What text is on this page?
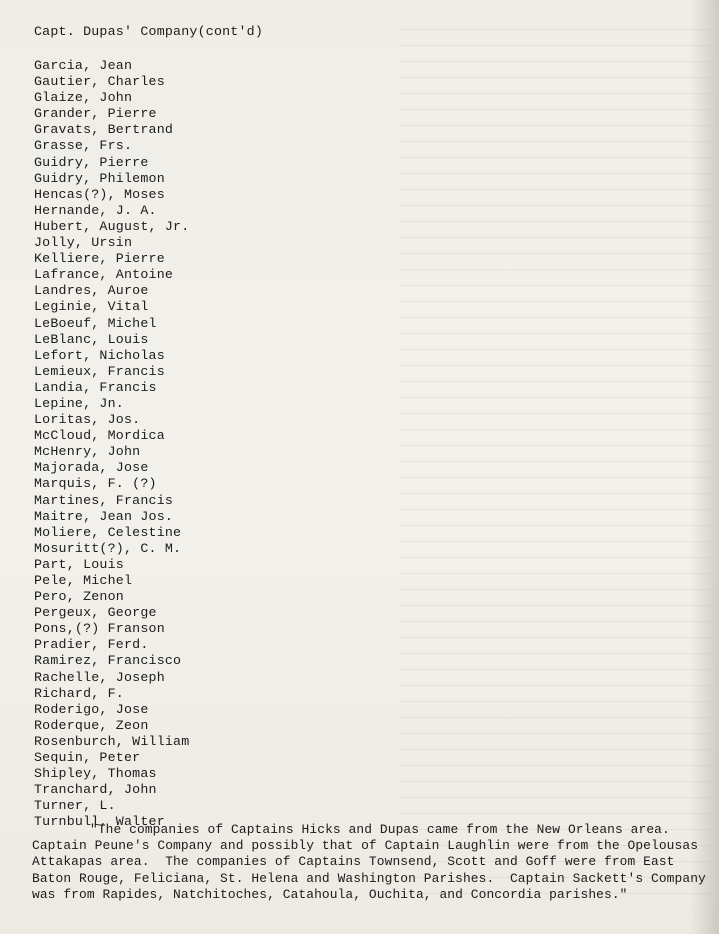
Capt. Dupas' Company(cont'd)
Garcia, Jean
Gautier, Charles
Glaize, John
Grander, Pierre
Gravats, Bertrand
Grasse, Frs.
Guidry, Pierre
Guidry, Philemon
Hencas(?), Moses
Hernande, J. A.
Hubert, August, Jr.
Jolly, Ursin
Kelliere, Pierre
Lafrance, Antoine
Landres, Auroe
Leginie, Vital
LeBoeuf, Michel
LeBlanc, Louis
Lefort, Nicholas
Lemieux, Francis
Landia, Francis
Lepine, Jn.
Loritas, Jos.
McCloud, Mordica
McHenry, John
Majorada, Jose
Marquis, F. (?)
Martines, Francis
Maitre, Jean Jos.
Moliere, Celestine
Mosuritt(?), C. M.
Part, Louis
Pele, Michel
Pero, Zenon
Pergeux, George
Pons,(?) Franson
Pradier, Ferd.
Ramirez, Francisco
Rachelle, Joseph
Richard, F.
Roderigo, Jose
Roderque, Zeon
Rosenburch, William
Sequin, Peter
Shipley, Thomas
Tranchard, John
Turner, L.
Turnbull, Walter
"The companies of Captains Hicks and Dupas came from the New Orleans area.
Captain Peune's Company and possibly that of Captain Laughlin were from the Opelousas
Attakapas area.  The companies of Captains Townsend, Scott and Goff were from East
Baton Rouge, Feliciana, St. Helena and Washington Parishes.  Captain Sackett's Company
was from Rapides, Natchitoches, Catahoula, Ouchita, and Concordia parishes."
